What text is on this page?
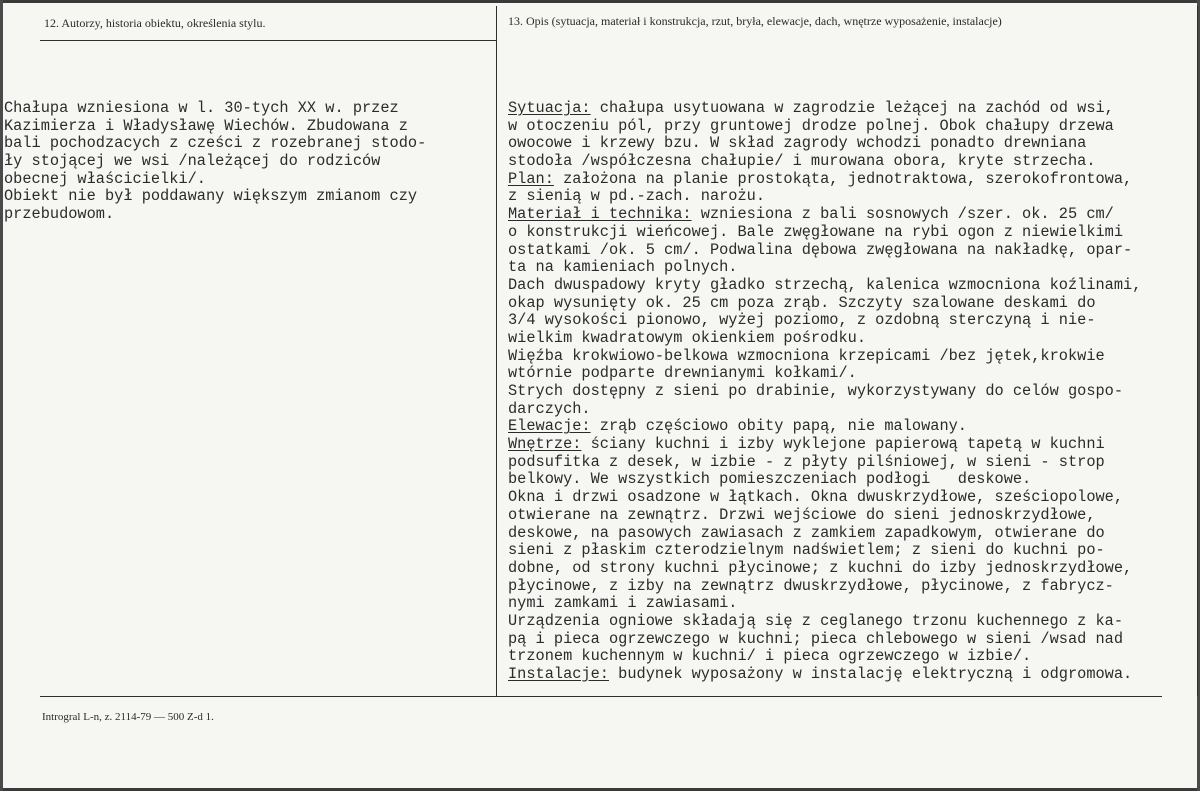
12. Autorzy, historia obiektu, określenia stylu.	13. Opis (sytuacja, materiał i konstrukcja, rzut, bryła, elewacje, dach, wnętrze wyposażenie, instalacje)
Chałupa wzniesiona w l. 30-tych XX w. przez
Kazimierza i Władysławę Wiechów. Zbudowana z
bali pochodzacych z cześci z rozebranej stodo-
ły stojącej we wsi /należącej do rodziców
obecnej właścicielki/.
Obiekt nie był poddawany większym zmianom czy
przebudowom.
Sytuacja: chałupa usytuowana w zagrodzie leżącej na zachód od wsi,
w otoczeniu pól, przy gruntowej drodze polnej. Obok chałupy drzewa
owocowe i krzewy bzu. W skład zagrody wchodzi ponadto drewniana
stodoła /współczesna chałupie/ i murowana obora, kryte strzecha.
Plan: założona na planie prostokąta, jednotraktowa, szerokofrontowa,
z sienią w pd.-zach. narożu.
Materiał i technika: wzniesiona z bali sosnowych /szer. ok. 25 cm/
o konstrukcji wieńcowej. Bale zwęgłowane na rybi ogon z niewielkimi
ostatkami /ok. 5 cm/. Podwalina dębowa zwęgłowana na nakładkę, opar-
ta na kamieniach polnych.
Dach dwuspadowy kryty gładko strzechą, kalenica wzmocniona koźlinami,
okap wysunięty ok. 25 cm poza zrąb. Szczyty szalowane deskami do
3/4 wysokości pionowo, wyżej poziomo, z ozdobną sterczyną i nie-
wielkim kwadratowym okienkiem pośrodku.
Więźba krokwiowo-belkowa wzmocniona krzepicami /bez jętek,krokwie
wtórnie podparte drewnianymi kołkami/.
Strych dostępny z sieni po drabinie, wykorzystywany do celów gospo-
darczych.
Elewacje: zrąb częściowo obity papą, nie malowany.
Wnętrze: ściany kuchni i izby wyklejone papierową tapetą w kuchni
podsufitka z desek, w izbie - z płyty pilśniowej, w sieni - strop
belkowy. We wszystkich pomieszczeniach podłogi   deskowe.
Okna i drzwi osadzone w łątkach. Okna dwuskrzydłowe, sześciopolowe,
otwierane na zewnątrz. Drzwi wejściowe do sieni jednoskrzydłowe,
deskowe, na pasowych zawiasach z zamkiem zapadkowym, otwierane do
sieni z płaskim czterodzielnym nadświetlem; z sieni do kuchni po-
dobne, od strony kuchni płycinowe; z kuchni do izby jednoskrzydłowe,
płycinowe, z izby na zewnątrz dwuskrzydłowe, płycinowe, z fabrycz-
nymi zamkami i zawiasami.
Urządzenia ogniowe składają się z ceglanego trzonu kuchennego z ka-
pą i pieca ogrzewczego w kuchni; pieca chlebowego w sieni /wsad nad
trzonem kuchennym w kuchni/ i pieca ogrzewczego w izbie/.
Instalacje: budynek wyposażony w instalację elektryczną i odgromowa.
Introgral L-n, z. 2114-79 — 500 Z-d 1.
